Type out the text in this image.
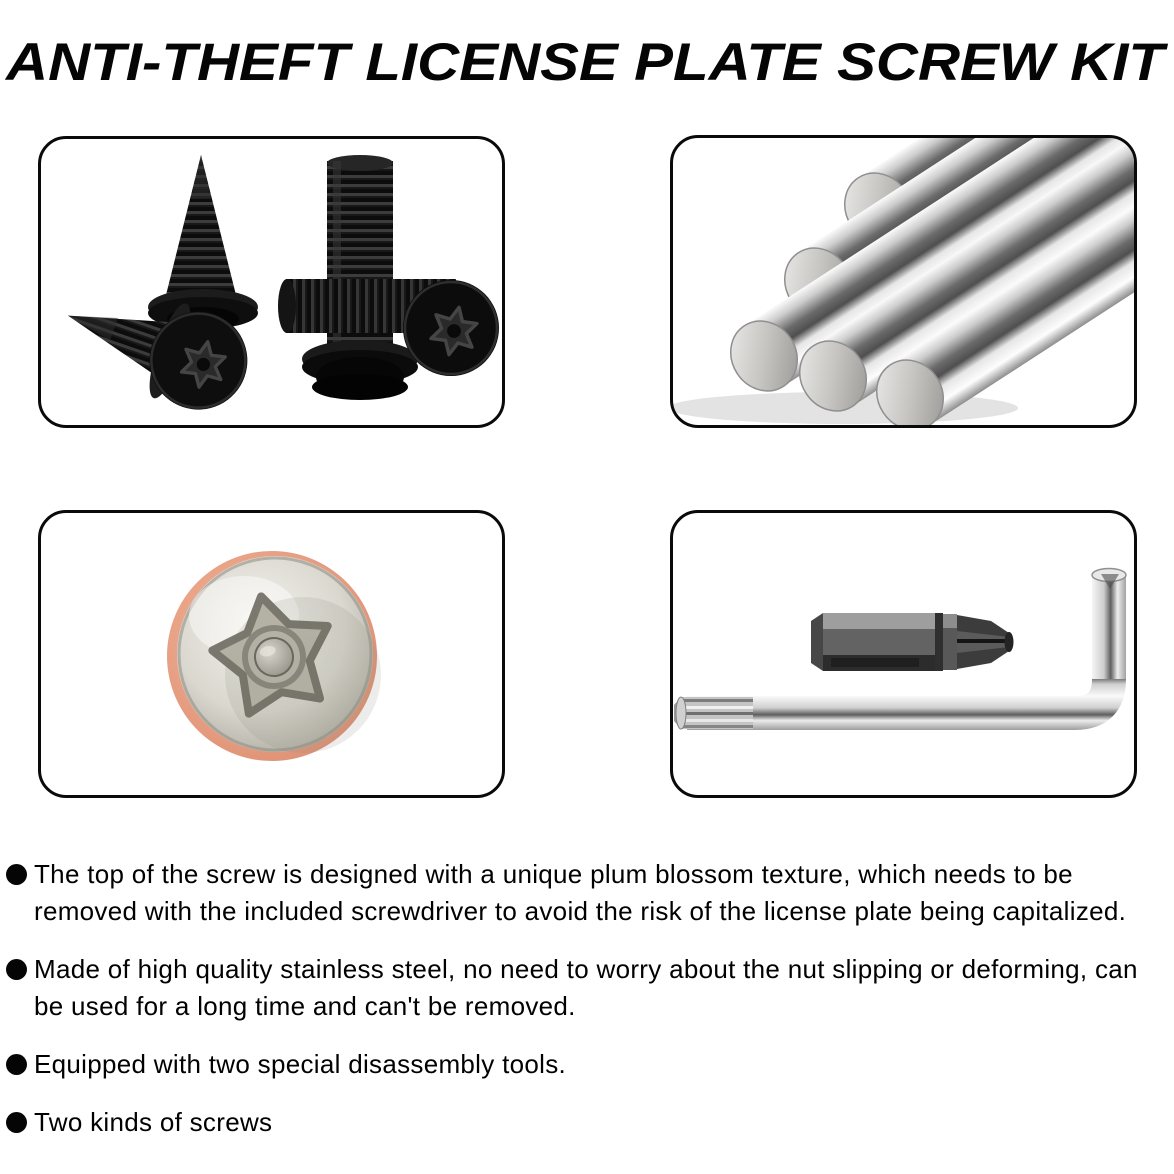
ANTI-THEFT LICENSE PLATE SCREW KIT

The top of the screw is designed with a unique plum blossom texture, which needs to be removed with the included screwdriver to avoid the risk of the license plate being capitalized.

Made of high quality stainless steel, no need to worry about the nut slipping or deforming, can be used for a long time and can't be removed.

Equipped with two special disassembly tools.

Two kinds of screws
